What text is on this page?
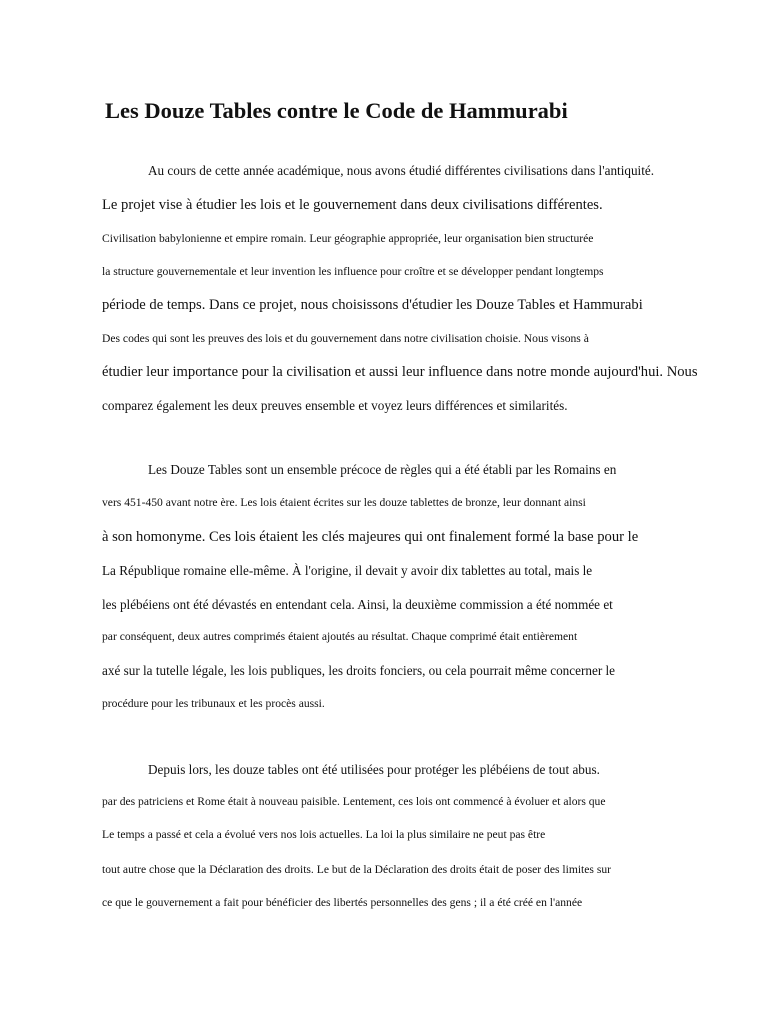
Les Douze Tables contre le Code de Hammurabi
Au cours de cette année académique, nous avons étudié différentes civilisations dans l'antiquité.
Le projet vise à étudier les lois et le gouvernement dans deux civilisations différentes.
Civilisation babylonienne et empire romain. Leur géographie appropriée, leur organisation bien structurée
la structure gouvernementale et leur invention les influence pour croître et se développer pendant longtemps
période de temps. Dans ce projet, nous choisissons d'étudier les Douze Tables et Hammurabi
Des codes qui sont les preuves des lois et du gouvernement dans notre civilisation choisie. Nous visons à
étudier leur importance pour la civilisation et aussi leur influence dans notre monde aujourd'hui. Nous
comparez également les deux preuves ensemble et voyez leurs différences et similarités.
Les Douze Tables sont un ensemble précoce de règles qui a été établi par les Romains en
vers 451-450 avant notre ère. Les lois étaient écrites sur les douze tablettes de bronze, leur donnant ainsi
à son homonyme. Ces lois étaient les clés majeures qui ont finalement formé la base pour le
La République romaine elle-même. À l'origine, il devait y avoir dix tablettes au total, mais le
les plébéiens ont été dévastés en entendant cela. Ainsi, la deuxième commission a été nommée et
par conséquent, deux autres comprimés étaient ajoutés au résultat. Chaque comprimé était entièrement
axé sur la tutelle légale, les lois publiques, les droits fonciers, ou cela pourrait même concerner le
procédure pour les tribunaux et les procès aussi.
Depuis lors, les douze tables ont été utilisées pour protéger les plébéiens de tout abus.
par des patriciens et Rome était à nouveau paisible. Lentement, ces lois ont commencé à évoluer et alors que
Le temps a passé et cela a évolué vers nos lois actuelles. La loi la plus similaire ne peut pas être
tout autre chose que la Déclaration des droits. Le but de la Déclaration des droits était de poser des limites sur
ce que le gouvernement a fait pour bénéficier des libertés personnelles des gens ; il a été créé en l'année
